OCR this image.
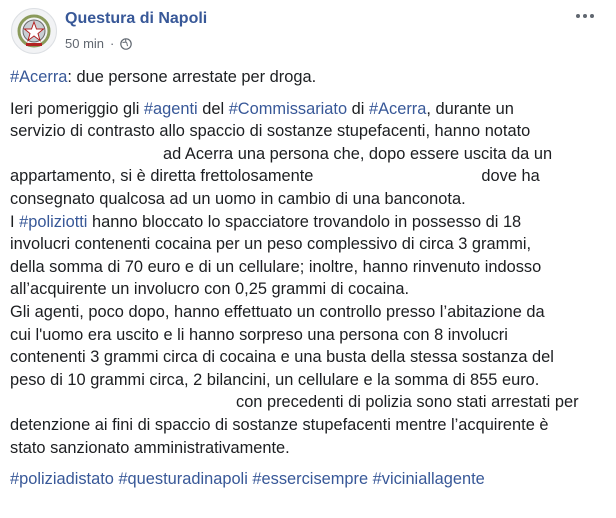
Questura di Napoli
50 min ·

#Acerra: due persone arrestate per droga.

Ieri pomeriggio gli #agenti del #Commissariato di #Acerra, durante un
servizio di contrasto allo spaccio di sostanze stupefacenti, hanno notato
ad Acerra una persona che, dopo essere uscita da un
appartamento, si è diretta frettolosamente	dove ha
consegnato qualcosa ad un uomo in cambio di una banconota.
I #poliziotti hanno bloccato lo spacciatore trovandolo in possesso di 18
involucri contenenti cocaina per un peso complessivo di circa 3 grammi,
della somma di 70 euro e di un cellulare; inoltre, hanno rinvenuto indosso
all’acquirente un involucro con 0,25 grammi di cocaina.
Gli agenti, poco dopo, hanno effettuato un controllo presso l’abitazione da
cui l'uomo era uscito e li hanno sorpreso una persona con 8 involucri
contenenti 3 grammi circa di cocaina e una busta della stessa sostanza del
peso di 10 grammi circa, 2 bilancini, un cellulare e la somma di 855 euro.
con precedenti di polizia sono stati arrestati per
detenzione ai fini di spaccio di sostanze stupefacenti mentre l’acquirente è
stato sanzionato amministrativamente.

#poliziadistato #questuradinapoli #essercisempre #viciniallagente
